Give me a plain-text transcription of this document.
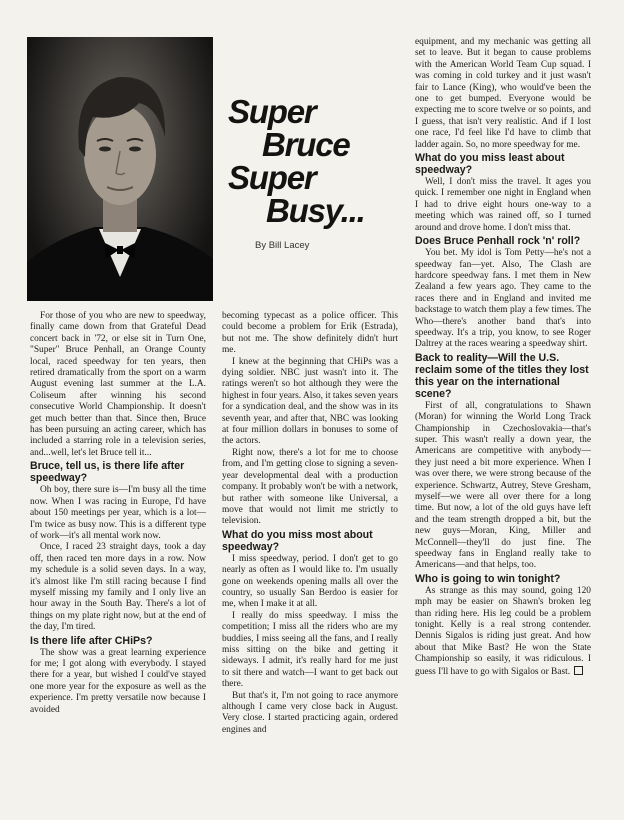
Super
Bruce
Super
Busy...
By Bill Lacey

For those of you who are new to speedway, finally came down from that Grateful Dead concert back in '72, or else sit in Turn One, "Super" Bruce Penhall, an Orange County local, raced speedway for ten years, then retired dramatically from the sport on a warm August evening last summer at the L.A. Coliseum after winning his second consecutive World Championship. It doesn't get much better than that. Since then, Bruce has been pursuing an acting career, which has included a starring role in a television series, and...well, let's let Bruce tell it...

Bruce, tell us, is there life after speedway?

Oh boy, there sure is—I'm busy all the time now. When I was racing in Europe, I'd have about 150 meetings per year, which is a lot—I'm twice as busy now. This is a different type of work—it's all mental work now.

Once, I raced 23 straight days, took a day off, then raced ten more days in a row. Now my schedule is a solid seven days. In a way, it's almost like I'm still racing because I find myself missing my family and I only live an hour away in the South Bay. There's a lot of things on my plate right now, but at the end of the day, I'm tired.

Is there life after CHiPs?

The show was a great learning experience for me; I got along with everybody. I stayed there for a year, but wished I could've stayed one more year for the exposure as well as the experience. I'm pretty versatile now because I avoided

becoming typecast as a police officer. This could become a problem for Erik (Estrada), but not me. The show definitely didn't hurt me.

I knew at the beginning that CHiPs was a dying soldier. NBC just wasn't into it. The ratings weren't so hot although they were the highest in four years. Also, it takes seven years for a syndication deal, and the show was in its seventh year, and after that, NBC was looking at four million dollars in bonuses to some of the actors.

Right now, there's a lot for me to choose from, and I'm getting close to signing a seven-year developmental deal with a production company. It probably won't be with a network, but rather with someone like Universal, a move that would not limit me strictly to television.

What do you miss most about speedway?

I miss speedway, period. I don't get to go nearly as often as I would like to. I'm usually gone on weekends opening malls all over the country, so usually San Berdoo is easier for me, when I make it at all.

I really do miss speedway. I miss the competition; I miss all the riders who are my buddies, I miss seeing all the fans, and I really miss sitting on the bike and getting it sideways. I admit, it's really hard for me just to sit there and watch—I want to get back out there.

But that's it, I'm not going to race anymore although I came very close back in August. Very close. I started practicing again, ordered engines and

equipment, and my mechanic was getting all set to leave. But it began to cause problems with the American World Team Cup squad. I was coming in cold turkey and it just wasn't fair to Lance (King), who would've been the one to get bumped. Everyone would be expecting me to score twelve or so points, and I guess, that isn't very realistic. And if I lost one race, I'd feel like I'd have to climb that ladder again. So, no more speedway for me.

What do you miss least about speedway?

Well, I don't miss the travel. It ages you quick. I remember one night in England when I had to drive eight hours one-way to a meeting which was rained off, so I turned around and drove home. I don't miss that.

Does Bruce Penhall rock 'n' roll?

You bet. My idol is Tom Petty—he's not a speedway fan—yet. Also, The Clash are hardcore speedway fans. I met them in New Zealand a few years ago. They came to the races there and in England and invited me backstage to watch them play a few times. The Who—there's another band that's into speedway. It's a trip, you know, to see Roger Daltrey at the races wearing a speedway shirt.

Back to reality—Will the U.S. reclaim some of the titles they lost this year on the international scene?

First of all, congratulations to Shawn (Moran) for winning the World Long Track Championship in Czechoslovakia—that's super. This wasn't really a down year, the Americans are competitive with anybody—they just need a bit more experience. When I was over there, we were strong because of the experience. Schwartz, Autrey, Steve Gresham, myself—we were all over there for a long time. But now, a lot of the old guys have left and the team strength dropped a bit, but the new guys—Moran, King, Miller and McConnell—they'll do just fine. The speedway fans in England really take to Americans—and that helps, too.

Who is going to win tonight?

As strange as this may sound, going 120 mph may be easier on Shawn's broken leg than riding here. His leg could be a problem tonight. Kelly is a real strong contender. Dennis Sigalos is riding just great. And how about that Mike Bast? He won the State Championship so easily, it was ridiculous. I guess I'll have to go with Sigalos or Bast.
